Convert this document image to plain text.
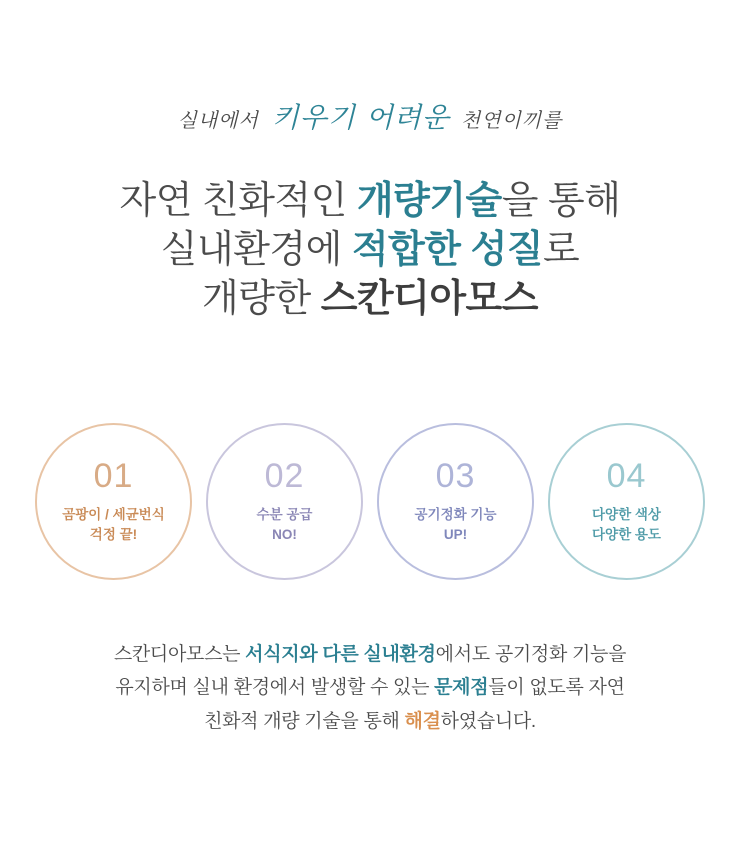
실내에서 키우기 어려운 천연이끼를
자연 친화적인 개량기술을 통해
실내환경에 적합한 성질로
개량한 스칸디아모스
01
곰팡이 / 세균번식
걱정 끝!
02
수분 공급
NO!
03
공기정화 기능
UP!
04
다양한 색상
다양한 용도
스칸디아모스는 서식지와 다른 실내환경에서도 공기정화 기능을
유지하며 실내 환경에서 발생할 수 있는 문제점들이 없도록 자연
친화적 개량 기술을 통해 해결하였습니다.
